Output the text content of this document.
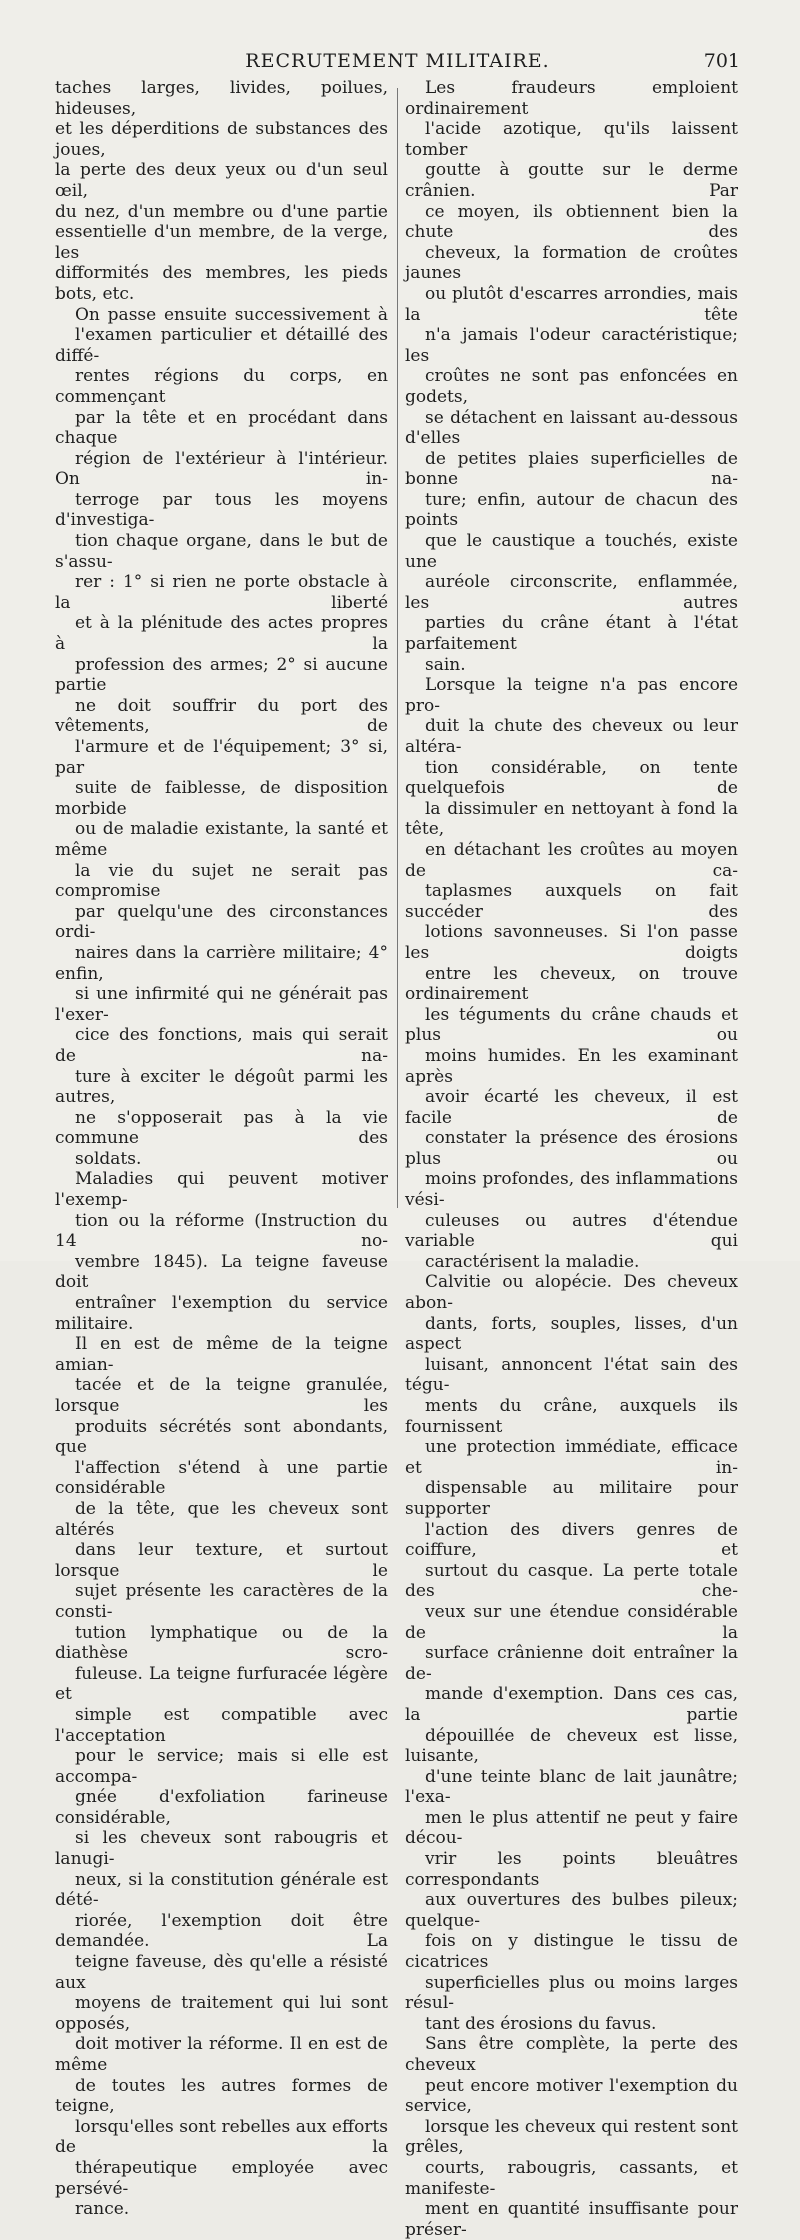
RECRUTEMENT MILITAIRE.	701

taches larges, livides, poilues, hideuses,
et les déperditions de substances des joues,
la perte des deux yeux ou d'un seul œil,
du nez, d'un membre ou d'une partie
essentielle d'un membre, de la verge, les
difformités des membres, les pieds bots, etc.

On passe ensuite successivement à
l'examen particulier et détaillé des diffé-
rentes régions du corps, en commençant
par la tête et en procédant dans chaque
région de l'extérieur à l'intérieur. On in-
terroge par tous les moyens d'investiga-
tion chaque organe, dans le but de s'assu-
rer : 1° si rien ne porte obstacle à la liberté
et à la plénitude des actes propres à la
profession des armes; 2° si aucune partie
ne doit souffrir du port des vêtements, de
l'armure et de l'équipement; 3° si, par
suite de faiblesse, de disposition morbide
ou de maladie existante, la santé et même
la vie du sujet ne serait pas compromise
par quelqu'une des circonstances ordi-
naires dans la carrière militaire; 4° enfin,
si une infirmité qui ne générait pas l'exer-
cice des fonctions, mais qui serait de na-
ture à exciter le dégoût parmi les autres,
ne s'opposerait pas à la vie commune des
soldats.

Maladies qui peuvent motiver l'exemp-
tion ou la réforme (Instruction du 14 no-
vembre 1845). La teigne faveuse doit
entraîner l'exemption du service militaire.
Il en est de même de la teigne amian-
tacée et de la teigne granulée, lorsque les
produits sécrétés sont abondants, que
l'affection s'étend à une partie considérable
de la tête, que les cheveux sont altérés
dans leur texture, et surtout lorsque le
sujet présente les caractères de la consti-
tution lymphatique ou de la diathèse scro-
fuleuse. La teigne furfuracée légère et
simple est compatible avec l'acceptation
pour le service; mais si elle est accompa-
gnée d'exfoliation farineuse considérable,
si les cheveux sont rabougris et lanugi-
neux, si la constitution générale est dété-
riorée, l'exemption doit être demandée. La
teigne faveuse, dès qu'elle a résisté aux
moyens de traitement qui lui sont opposés,
doit motiver la réforme. Il en est de même
de toutes les autres formes de teigne,
lorsqu'elles sont rebelles aux efforts de la
thérapeutique employée avec persévé-
rance.

Les fraudeurs emploient ordinairement
l'acide azotique, qu'ils laissent tomber
goutte à goutte sur le derme crânien. Par
ce moyen, ils obtiennent bien la chute des
cheveux, la formation de croûtes jaunes
ou plutôt d'escarres arrondies, mais la tête
n'a jamais l'odeur caractéristique; les
croûtes ne sont pas enfoncées en godets,
se détachent en laissant au-dessous d'elles
de petites plaies superficielles de bonne na-
ture; enfin, autour de chacun des points
que le caustique a touchés, existe une
auréole circonscrite, enflammée, les autres
parties du crâne étant à l'état parfaitement
sain.

Lorsque la teigne n'a pas encore pro-
duit la chute des cheveux ou leur altéra-
tion considérable, on tente quelquefois de
la dissimuler en nettoyant à fond la tête,
en détachant les croûtes au moyen de ca-
taplasmes auxquels on fait succéder des
lotions savonneuses. Si l'on passe les doigts
entre les cheveux, on trouve ordinairement
les téguments du crâne chauds et plus ou
moins humides. En les examinant après
avoir écarté les cheveux, il est facile de
constater la présence des érosions plus ou
moins profondes, des inflammations vési-
culeuses ou autres d'étendue variable qui
caractérisent la maladie.

Calvitie ou alopécie. Des cheveux abon-
dants, forts, souples, lisses, d'un aspect
luisant, annoncent l'état sain des tégu-
ments du crâne, auxquels ils fournissent
une protection immédiate, efficace et in-
dispensable au militaire pour supporter
l'action des divers genres de coiffure, et
surtout du casque. La perte totale des che-
veux sur une étendue considérable de la
surface crânienne doit entraîner la de-
mande d'exemption. Dans ces cas, la partie
dépouillée de cheveux est lisse, luisante,
d'une teinte blanc de lait jaunâtre; l'exa-
men le plus attentif ne peut y faire décou-
vrir les points bleuâtres correspondants
aux ouvertures des bulbes pileux; quelque-
fois on y distingue le tissu de cicatrices
superficielles plus ou moins larges résul-
tant des érosions du favus.

Sans être complète, la perte des cheveux
peut encore motiver l'exemption du service,
lorsque les cheveux qui restent sont grêles,
courts, rabougris, cassants, et manifeste-
ment en quantité insuffisante pour préser-
